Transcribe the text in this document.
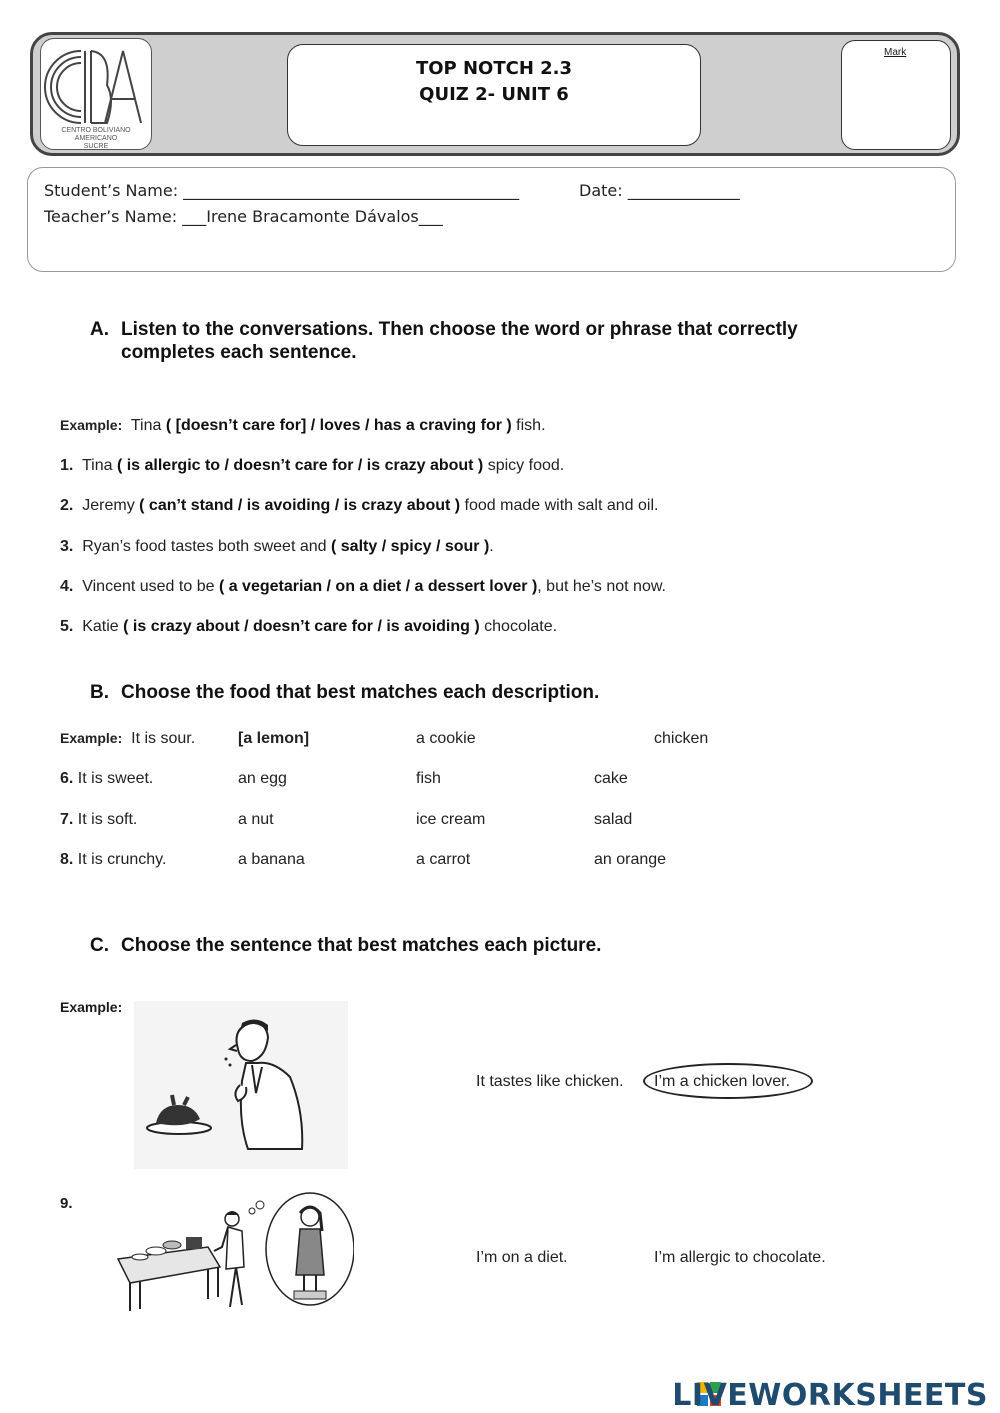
CENTRO BOLIVIANO AMERICANO
SUCRE
TOP NOTCH 2.3
QUIZ 2- UNIT 6
Mark
Student’s Name: __________________________________________	Date: ______________
Teacher’s Name: ___Irene Bracamonte Dávalos___
A. Listen to the conversations. Then choose the word or phrase that correctly
completes each sentence.
Example: Tina ( [doesn’t care for] / loves / has a craving for ) fish.
1. Tina ( is allergic to / doesn’t care for / is crazy about ) spicy food.
2. Jeremy ( can’t stand / is avoiding / is crazy about ) food made with salt and oil.
3. Ryan’s food tastes both sweet and ( salty / spicy / sour ).
4. Vincent used to be ( a vegetarian / on a diet / a dessert lover ), but he’s not now.
5. Katie ( is crazy about / doesn’t care for / is avoiding ) chocolate.
B. Choose the food that best matches each description.
Example: It is sour.	[a lemon]	a cookie	chicken
6. It is sweet.	an egg	fish	cake
7. It is soft.	a nut	ice cream	salad
8. It is crunchy.	a banana	a carrot	an orange
C. Choose the sentence that best matches each picture.
Example:
It tastes like chicken. I’m a chicken lover.
9.
I’m on a diet.	I’m allergic to chocolate.
LIVEWORKSHEETS
